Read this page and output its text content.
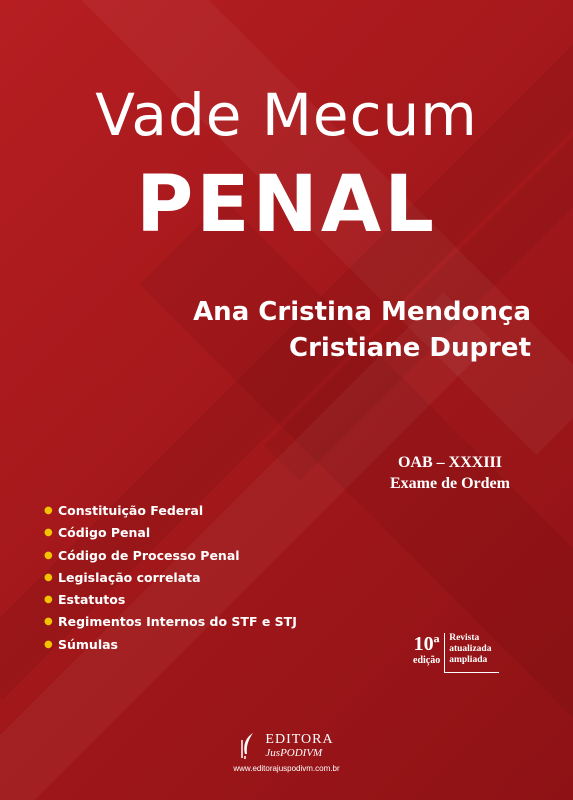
Vade Mecum
PENAL
Ana Cristina Mendonça
Cristiane Dupret
OAB – XXXIII
Exame de Ordem
● Constituição Federal
● Código Penal
● Código de Processo Penal
● Legislação correlata
● Estatutos
● Regimentos Internos do STF e STJ
● Súmulas	10ª
edição
Revista
atualizada
ampliada
EDITORA
JusPODIVM
www.editorajuspodivm.com.br
